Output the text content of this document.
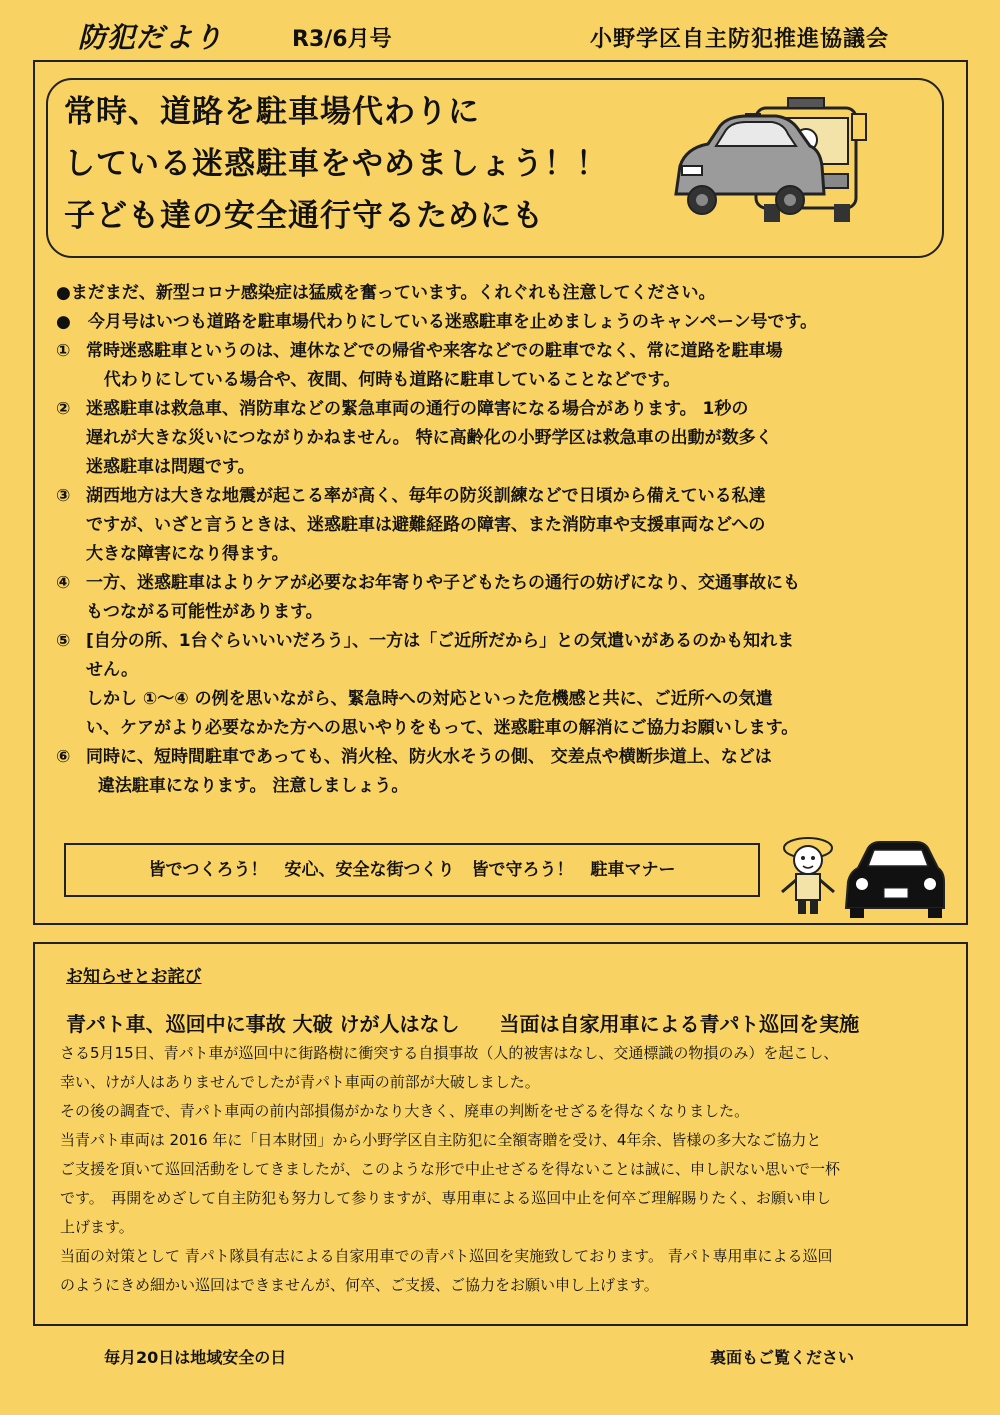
防犯だより	R3/6月号	小野学区自主防犯推進協議会
常時、道路を駐車場代わりに
している迷惑駐車をやめましょう！！
子ども達の安全通行守るためにも

●まだまだ、新型コロナ感染症は猛威を奮っています。くれぐれも注意してください。

●　今月号はいつも道路を駐車場代わりにしている迷惑駐車を止めましょうのキャンペーン号です。

① 常時迷惑駐車というのは、連休などでの帰省や来客などでの駐車でなく、常に道路を駐車場

代わりにしている場合や、夜間、何時も道路に駐車していることなどです。

② 迷惑駐車は救急車、消防車などの緊急車両の通行の障害になる場合があります。 1秒の

遅れが大きな災いにつながりかねません。 特に高齢化の小野学区は救急車の出動が数多く

迷惑駐車は問題です。

③ 湖西地方は大きな地震が起こる率が高く、毎年の防災訓練などで日頃から備えている私達

ですが、いざと言うときは、迷惑駐車は避難経路の障害、また消防車や支援車両などへの

大きな障害になり得ます。

④ 一方、迷惑駐車はよりケアが必要なお年寄りや子どもたちの通行の妨げになり、交通事故にも

もつながる可能性があります。

⑤ [自分の所、1台ぐらいいいだろう」、一方は「ご近所だから」との気遣いがあるのかも知れま

せん。

しかし ①～④ の例を思いながら、緊急時への対応といった危機感と共に、ご近所への気遣

い、ケアがより必要なかた方への思いやりをもって、迷惑駐車の解消にご協力お願いします。

⑥ 同時に、短時間駐車であっても、消火栓、防火水そうの側、 交差点や横断歩道上、などは

違法駐車になります。 注意しましょう。

皆でつくろう！　安心、安全な街つくり　皆で守ろう！　駐車マナー
お知らせとお詫び
青パト車、巡回中に事故 大破 けが人はなし　　当面は自家用車による青パト巡回を実施

さる5月15日、青パト車が巡回中に街路樹に衝突する自損事故（人的被害はなし、交通標識の物損のみ）を起こし、

幸い、けが人はありませんでしたが青パト車両の前部が大破しました。

その後の調査で、青パト車両の前内部損傷がかなり大きく、廃車の判断をせざるを得なくなりました。

当青パト車両は 2016 年に「日本財団」から小野学区自主防犯に全額寄贈を受け、4年余、皆様の多大なご協力と

ご支援を頂いて巡回活動をしてきましたが、このような形で中止せざるを得ないことは誠に、申し訳ない思いで一杯

です。　再開をめざして自主防犯も努力して参りますが、専用車による巡回中止を何卒ご理解賜りたく、お願い申し

上げます。

当面の対策として 青パト隊員有志による自家用車での青パト巡回を実施致しております。 青パト専用車による巡回

のようにきめ細かい巡回はできませんが、何卒、ご支援、ご協力をお願い申し上げます。

毎月20日は地域安全の日	裏面もご覧ください
